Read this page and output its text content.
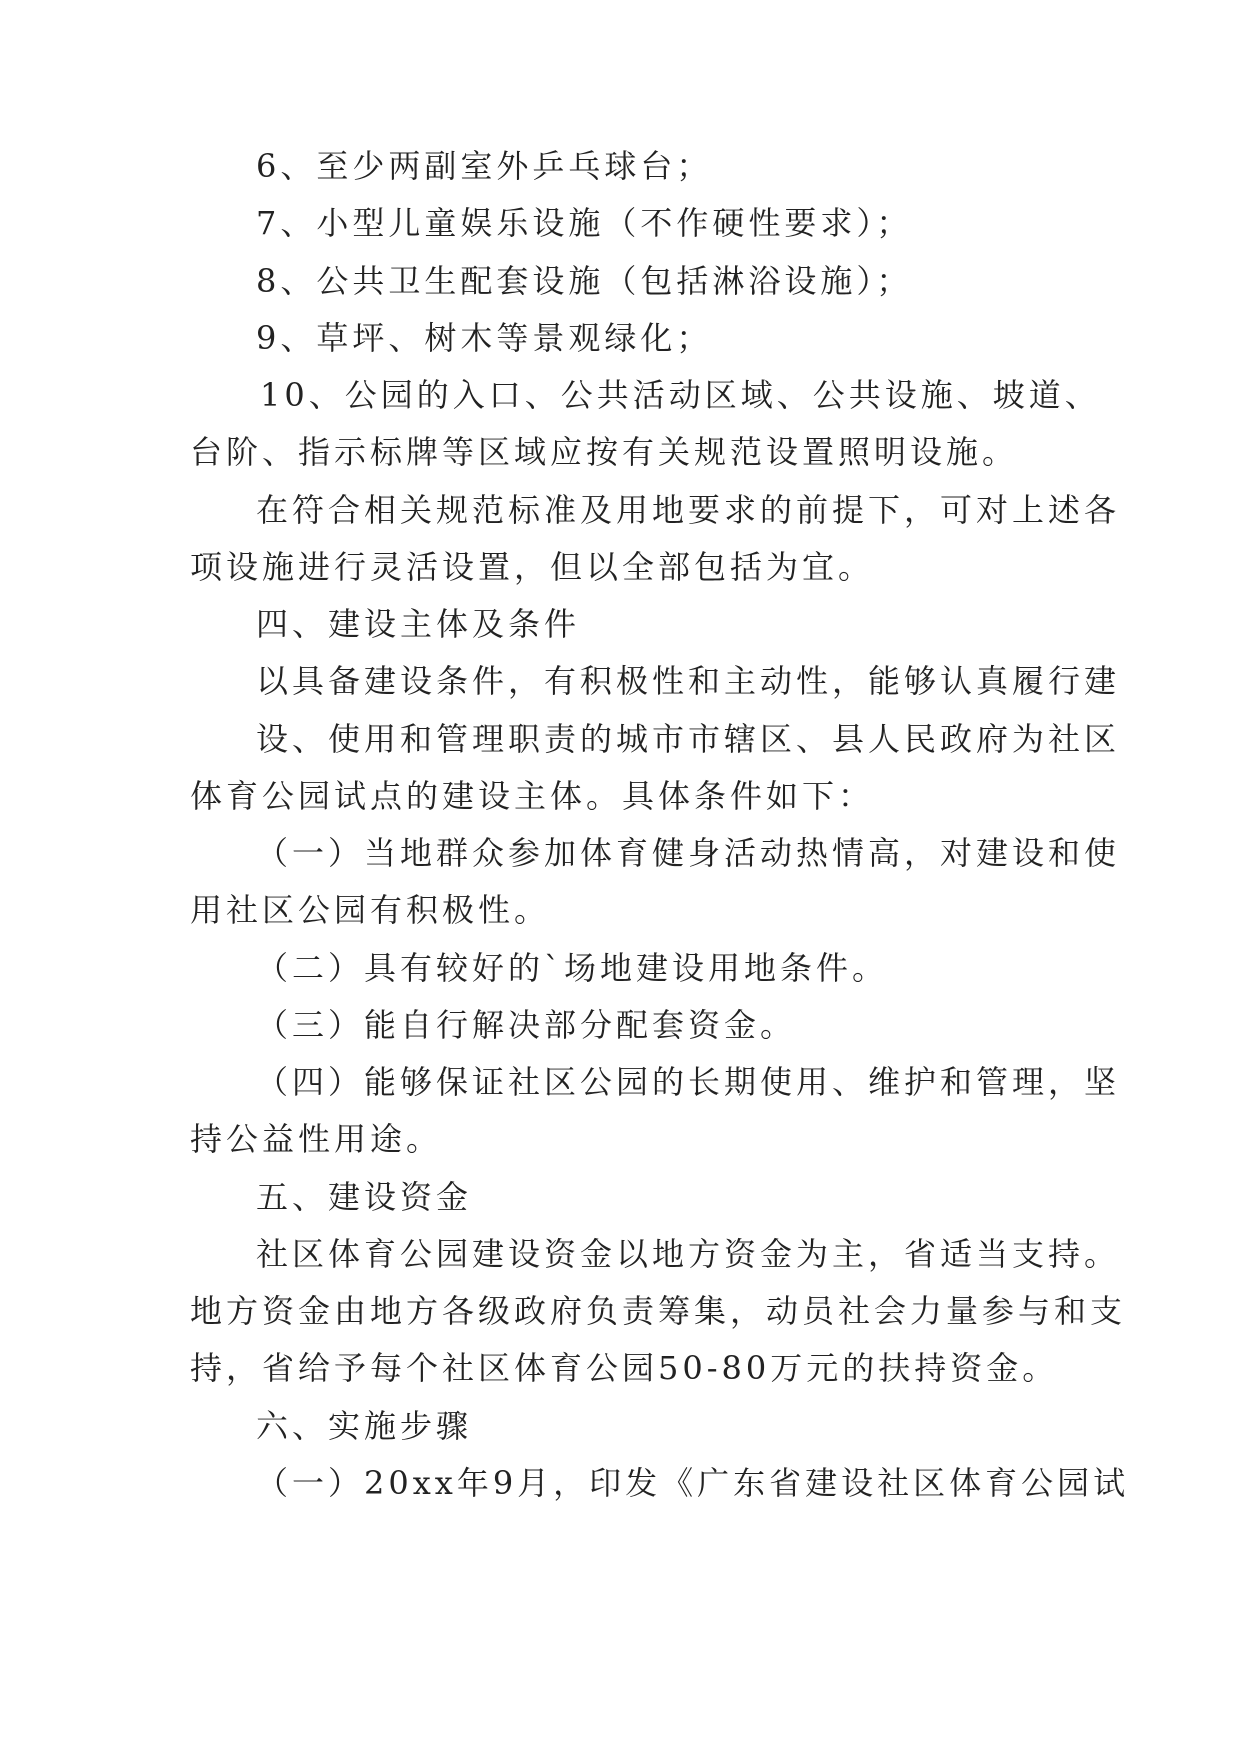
6、至少两副室外乒乓球台；
7、小型儿童娱乐设施（不作硬性要求）；
8、公共卫生配套设施（包括淋浴设施）；
9、草坪、树木等景观绿化；
10、公园的入口、公共活动区域、公共设施、坡道、
台阶、指示标牌等区域应按有关规范设置照明设施。
在符合相关规范标准及用地要求的前提下，可对上述各
项设施进行灵活设置，但以全部包括为宜。
四、建设主体及条件
以具备建设条件，有积极性和主动性，能够认真履行建
设、使用和管理职责的城市市辖区、县人民政府为社区
体育公园试点的建设主体。具体条件如下：
（一）当地群众参加体育健身活动热情高，对建设和使
用社区公园有积极性。
（二）具有较好的`场地建设用地条件。
（三）能自行解决部分配套资金。
（四）能够保证社区公园的长期使用、维护和管理，坚
持公益性用途。
五、建设资金
社区体育公园建设资金以地方资金为主，省适当支持。
地方资金由地方各级政府负责筹集，动员社会力量参与和支
持，省给予每个社区体育公园50-80万元的扶持资金。
六、实施步骤
（一）20xx年9月，印发《广东省建设社区体育公园试
